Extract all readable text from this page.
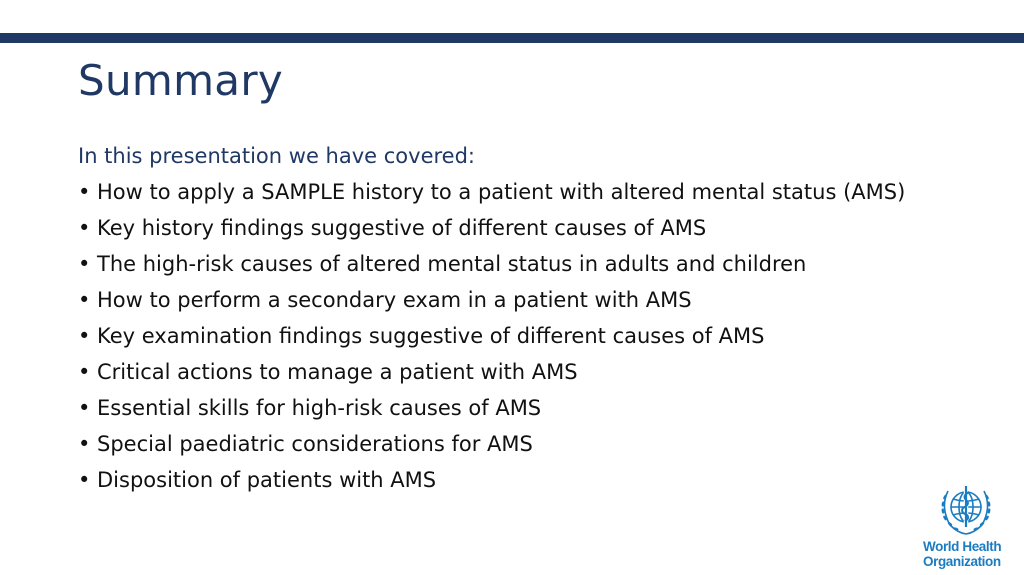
Summary

In this presentation we have covered:

• How to apply a SAMPLE history to a patient with altered mental status (AMS)
• Key history findings suggestive of different causes of AMS
• The high-risk causes of altered mental status in adults and children
• How to perform a secondary exam in a patient with AMS
• Key examination findings suggestive of different causes of AMS
• Critical actions to manage a patient with AMS
• Essential skills for high-risk causes of AMS
• Special paediatric considerations for AMS
• Disposition of patients with AMS
World Health
Organization
